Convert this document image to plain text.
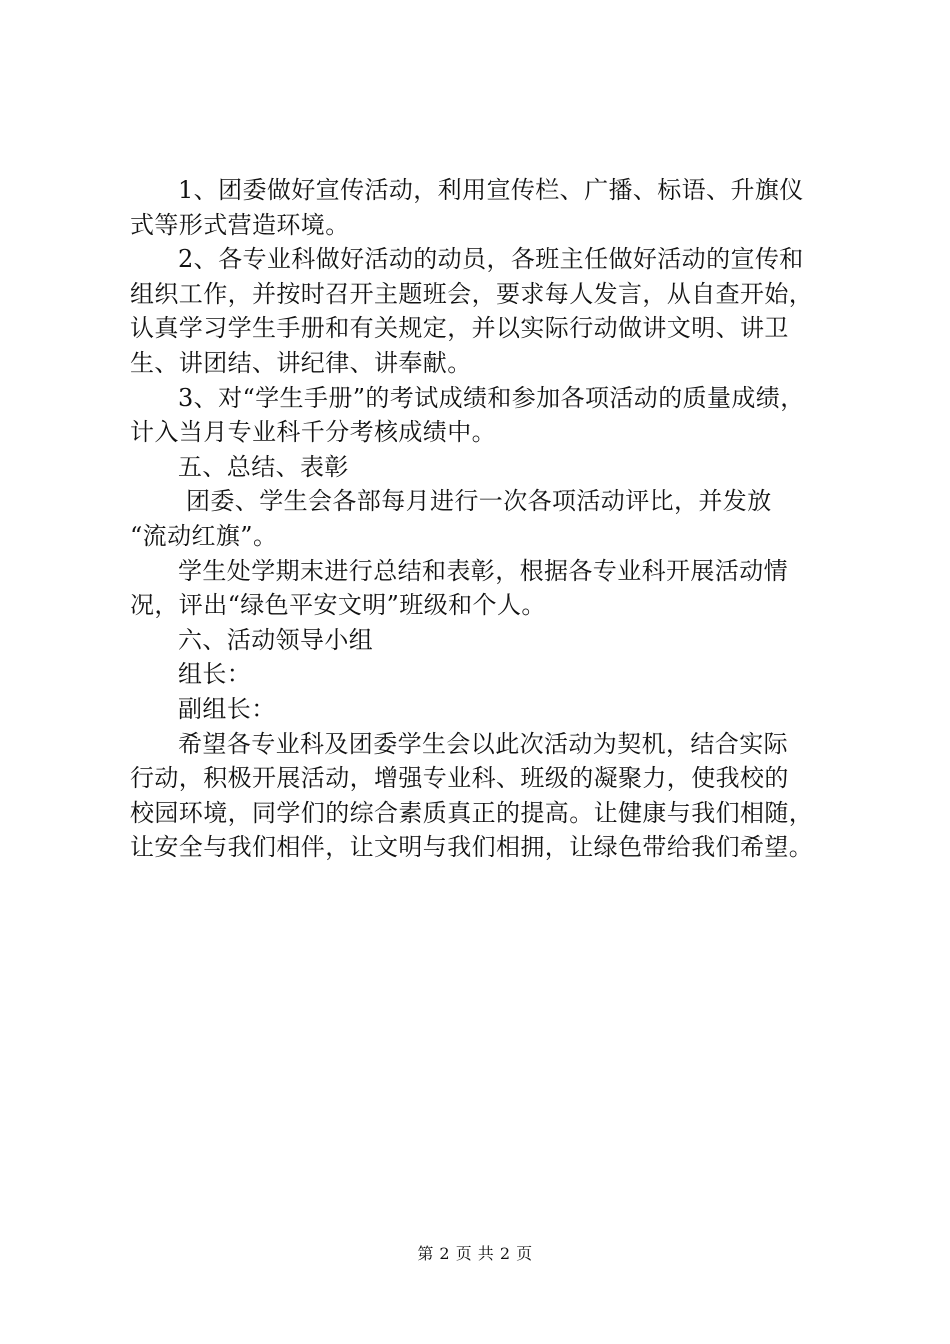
1、团委做好宣传活动，利用宣传栏、广播、标语、升旗仪
式等形式营造环境。
2、各专业科做好活动的动员，各班主任做好活动的宣传和
组织工作，并按时召开主题班会，要求每人发言，从自查开始，
认真学习学生手册和有关规定，并以实际行动做讲文明、讲卫
生、讲团结、讲纪律、讲奉献。
3、对“学生手册”的考试成绩和参加各项活动的质量成绩，
计入当月专业科千分考核成绩中。
五、总结、表彰
团委、学生会各部每月进行一次各项活动评比，并发放
“流动红旗”。
学生处学期末进行总结和表彰，根据各专业科开展活动情
况，评出“绿色平安文明”班级和个人。
六、活动领导小组
组长：
副组长：
希望各专业科及团委学生会以此次活动为契机，结合实际
行动，积极开展活动，增强专业科、班级的凝聚力，使我校的
校园环境，同学们的综合素质真正的提高。让健康与我们相随，
让安全与我们相伴，让文明与我们相拥，让绿色带给我们希望。
第 2 页 共 2 页
